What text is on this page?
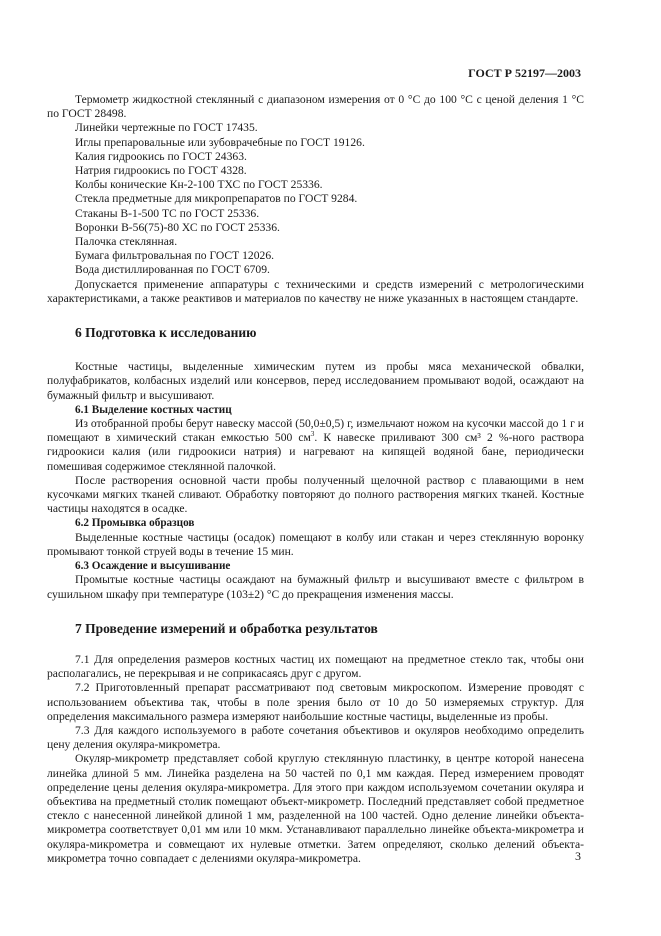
ГОСТ Р 52197—2003

Термометр жидкостной стеклянный с диапазоном измерения от 0 °С до 100 °С с ценой деления 1 °С по ГОСТ 28498.

Линейки чертежные по ГОСТ 17435.

Иглы препаровальные или зубоврачебные по ГОСТ 19126.

Калия гидроокись по ГОСТ 24363.

Натрия гидроокись по ГОСТ 4328.

Колбы конические Кн-2-100 ТХС по ГОСТ 25336.

Стекла предметные для микропрепаратов по ГОСТ 9284.

Стаканы В-1-500 ТС по ГОСТ 25336.

Воронки В-56(75)-80 ХС по ГОСТ 25336.

Палочка стеклянная.

Бумага фильтровальная по ГОСТ 12026.

Вода дистиллированная по ГОСТ 6709.

Допускается применение аппаратуры с техническими и средств измерений с метрологическими характеристиками, а также реактивов и материалов по качеству не ниже указанных в настоящем стандарте.

6 Подготовка к исследованию

Костные частицы, выделенные химическим путем из пробы мяса механической обвалки, полуфабрикатов, колбасных изделий или консервов, перед исследованием промывают водой, осаждают на бумажный фильтр и высушивают.

6.1 Выделение костных частиц

Из отобранной пробы берут навеску массой (50,0±0,5) г, измельчают ножом на кусочки массой до 1 г и помещают в химический стакан емкостью 500 $см^3$. К навеске приливают 300 см³ 2 %-ного раствора гидроокиси калия (или гидроокиси натрия) и нагревают на кипящей водяной бане, периодически помешивая содержимое стеклянной палочкой.

После растворения основной части пробы полученный щелочной раствор с плавающими в нем кусочками мягких тканей сливают. Обработку повторяют до полного растворения мягких тканей. Костные частицы находятся в осадке.

6.2 Промывка образцов

Выделенные костные частицы (осадок) помещают в колбу или стакан и через стеклянную воронку промывают тонкой струей воды в течение 15 мин.

6.3 Осаждение и высушивание

Промытые костные частицы осаждают на бумажный фильтр и высушивают вместе с фильтром в сушильном шкафу при температуре (103±2) °С до прекращения изменения массы.

7 Проведение измерений и обработка результатов

7.1 Для определения размеров костных частиц их помещают на предметное стекло так, чтобы они располагались, не перекрывая и не соприкасаясь друг с другом.

7.2 Приготовленный препарат рассматривают под световым микроскопом. Измерение проводят с использованием объектива так, чтобы в поле зрения было от 10 до 50 измеряемых структур. Для определения максимального размера измеряют наибольшие костные частицы, выделенные из пробы.

7.3 Для каждого используемого в работе сочетания объективов и окуляров необходимо определить цену деления окуляра-микрометра.

Окуляр-микрометр представляет собой круглую стеклянную пластинку, в центре которой нанесена линейка длиной 5 мм. Линейка разделена на 50 частей по 0,1 мм каждая. Перед измерением проводят определение цены деления окуляра-микрометра. Для этого при каждом используемом сочетании окуляра и объектива на предметный столик помещают объект-микрометр. Последний представляет собой предметное стекло с нанесенной линейкой длиной 1 мм, разделенной на 100 частей. Одно деление линейки объекта-микрометра соответствует 0,01 мм или 10 мкм. Устанавливают параллельно линейке объекта-микрометра и окуляра-микрометра и совмещают их нулевые отметки. Затем определяют, сколько делений объекта-микрометра точно совпадает с делениями окуляра-микрометра.	3
